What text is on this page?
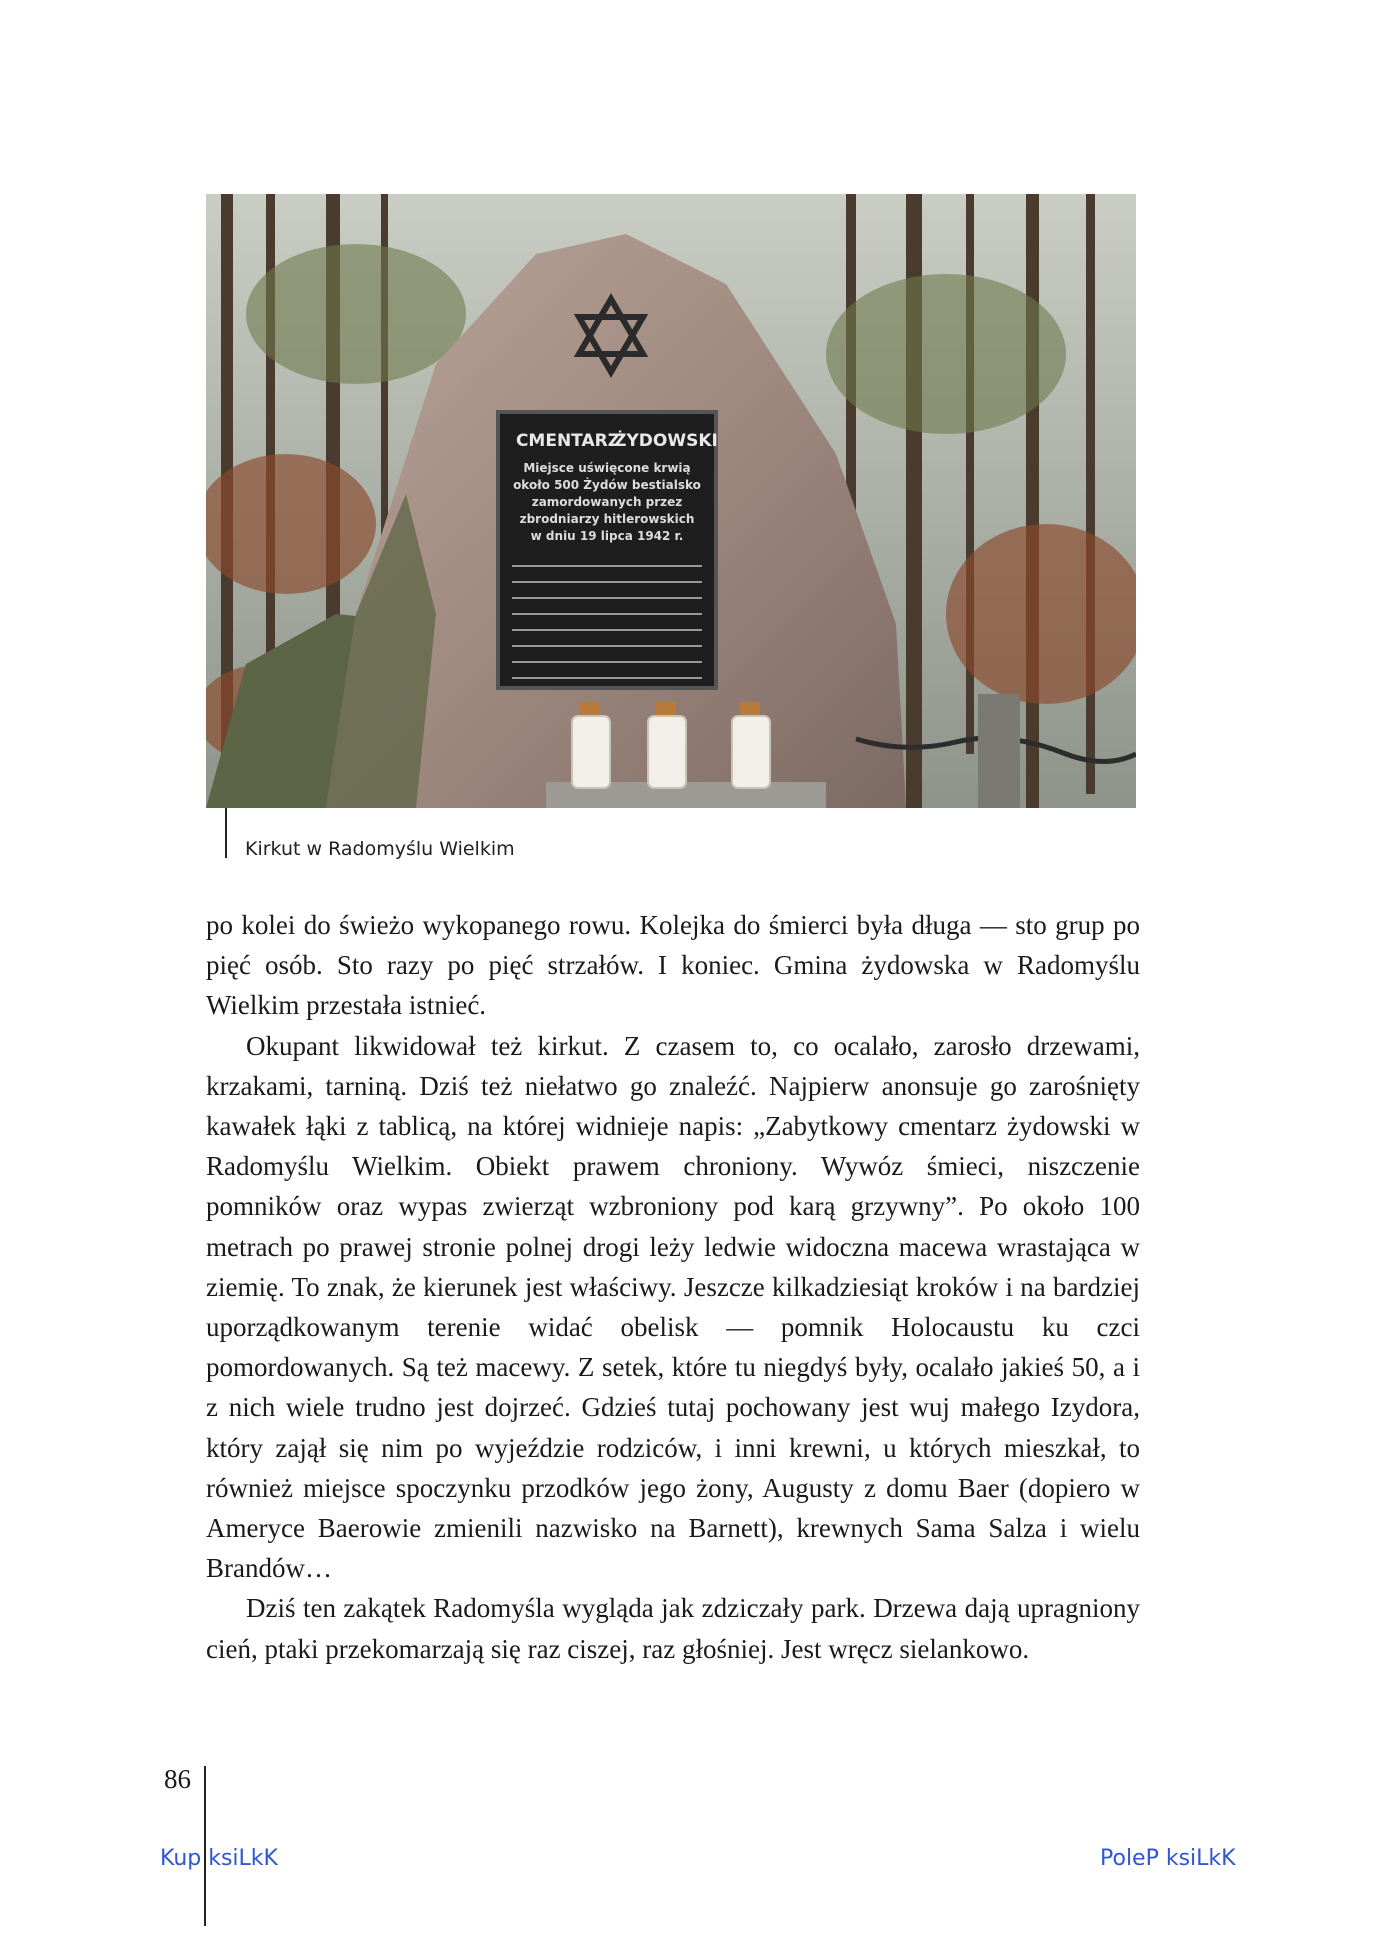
CMENTARZ
ŻYDOWSKI
Miejsce uświęcone krwią
około 500 Żydów bestialsko
zamordowanych przez
zbrodniarzy hitlerowskich
w dniu 19 lipca 1942 r.
Kirkut w Radomyślu Wielkim

po kolei do świeżo wykopanego rowu. Kolejka do śmierci była długa — sto grup po pięć osób. Sto razy po pięć strzałów. I koniec. Gmina żydowska w Radomyślu Wielkim przestała istnieć.

Okupant likwidował też kirkut. Z czasem to, co ocalało, zarosło drzewami, krzakami, tarniną. Dziś też niełatwo go znaleźć. Najpierw anonsuje go zarośnięty kawałek łąki z tablicą, na której widnieje napis: „Zabytkowy cmentarz żydowski w Radomyślu Wielkim. Obiekt prawem chroniony. Wywóz śmieci, niszczenie pomników oraz wypas zwierząt wzbroniony pod karą grzywny”. Po około 100 metrach po prawej stronie polnej drogi leży ledwie widoczna macewa wrastająca w ziemię. To znak, że kierunek jest właściwy. Jeszcze kilkadziesiąt kroków i na bardziej uporządkowanym terenie widać obelisk — pomnik Holocaustu ku czci pomordowanych. Są też macewy. Z setek, które tu niegdyś były, ocalało jakieś 50, a i z nich wiele trudno jest dojrzeć. Gdzieś tutaj pochowany jest wuj małego Izydora, który zajął się nim po wyjeździe rodziców, i inni krewni, u których mieszkał, to również miejsce spoczynku przodków jego żony, Augusty z domu Baer (dopiero w Ameryce Baerowie zmienili nazwisko na Barnett), krewnych Sama Salza i wielu Brandów…

Dziś ten zakątek Radomyśla wygląda jak zdziczały park. Drzewa dają upragniony cień, ptaki przekomarzają się raz ciszej, raz głośniej. Jest wręcz sielankowo.

86
Kup ksiLkK	PoleP ksiLkK
